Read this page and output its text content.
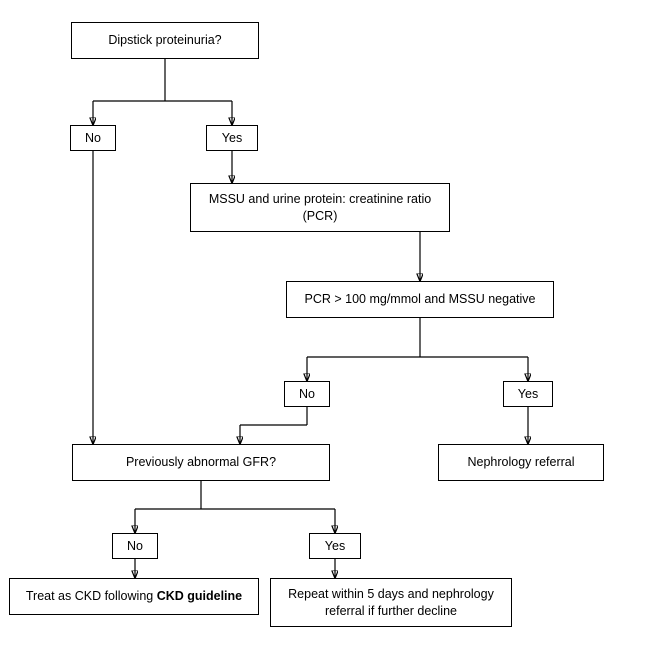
Dipstick proteinuria?
No	Yes
MSSU and urine protein: creatinine ratio (PCR)
PCR > 100 mg/mmol and MSSU negative
No	Yes
Nephrology referral
Previously abnormal GFR?
No	Yes
Treat as CKD following CKD guideline	Repeat within 5 days and nephrology referral if further decline
